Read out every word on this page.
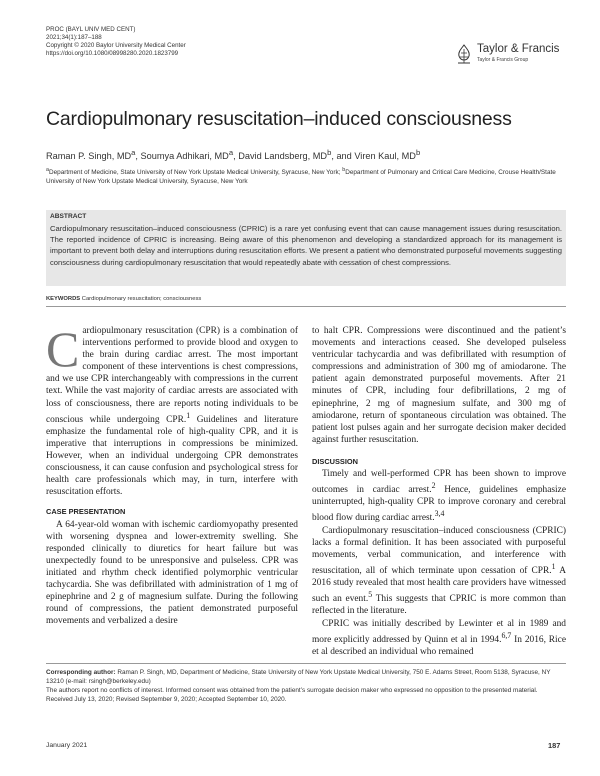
PROC (BAYL UNIV MED CENT)
2021;34(1):187–188
Copyright © 2020 Baylor University Medical Center
https://doi.org/10.1080/08998280.2020.1823799	Taylor & Francis
Taylor & Francis Group
Cardiopulmonary resuscitation–induced consciousness
Raman P. Singh, $MD^a$, Soumya Adhikari, $MD^a$, David Landsberg, $MD^b$, and Viren Kaul, $MD^b$
$^a$Department of Medicine, State University of New York Upstate Medical University, Syracuse, New York; $^b$Department of Pulmonary and Critical Care Medicine, Crouse Health/State University of New York Upstate Medical University, Syracuse, New York
ABSTRACT
Cardiopulmonary resuscitation–induced consciousness (CPRIC) is a rare yet confusing event that can cause management issues during resuscitation. The reported incidence of CPRIC is increasing. Being aware of this phenomenon and developing a standardized approach for its management is important to prevent both delay and interruptions during resuscitation efforts. We present a patient who demonstrated purposeful movements suggesting consciousness during cardiopulmonary resuscitation that would repeatedly abate with cessation of chest compressions.
KEYWORDS Cardiopulmonary resuscitation; consciousness

Cardiopulmonary resuscitation (CPR) is a combination of interventions performed to provide blood and oxygen to the brain during cardiac arrest. The most important component of these interventions is chest compressions, and we use CPR interchangeably with compressions in the current text. While the vast majority of cardiac arrests are associated with loss of consciousness, there are reports noting individuals to be conscious while undergoing CPR.$^1$ Guidelines and literature emphasize the fundamental role of high-quality CPR, and it is imperative that interruptions in compressions be minimized. However, when an individual undergoing CPR demonstrates consciousness, it can cause confusion and psychological stress for health care professionals which may, in turn, interfere with resuscitation efforts.

CASE PRESENTATION

A 64-year-old woman with ischemic cardiomyopathy presented with worsening dyspnea and lower-extremity swelling. She responded clinically to diuretics for heart failure but was unexpectedly found to be unresponsive and pulseless. CPR was initiated and rhythm check identified polymorphic ventricular tachycardia. She was defibrillated with administration of 1 mg of epinephrine and 2 g of magnesium sulfate. During the following round of compressions, the patient demonstrated purposeful movements and verbalized a desire

to halt CPR. Compressions were discontinued and the patient’s movements and interactions ceased. She developed pulseless ventricular tachycardia and was defibrillated with resumption of compressions and administration of 300 mg of amiodarone. The patient again demonstrated purposeful movements. After 21 minutes of CPR, including four defibrillations, 2 mg of epinephrine, 2 mg of magnesium sulfate, and 300 mg of amiodarone, return of spontaneous circulation was obtained. The patient lost pulses again and her surrogate decision maker decided against further resuscitation.

DISCUSSION

Timely and well-performed CPR has been shown to improve outcomes in cardiac arrest.$^2$ Hence, guidelines emphasize uninterrupted, high-quality CPR to improve coronary and cerebral blood flow during cardiac arrest.$^{3,4}$

Cardiopulmonary resuscitation–induced consciousness (CPRIC) lacks a formal definition. It has been associated with purposeful movements, verbal communication, and interference with resuscitation, all of which terminate upon cessation of CPR.$^1$ A 2016 study revealed that most health care providers have witnessed such an event.$^5$ This suggests that CPRIC is more common than reflected in the literature.

CPRIC was initially described by Lewinter et al in 1989 and more explicitly addressed by Quinn et al in 1994.$^{6,7}$ In 2016, Rice et al described an individual who remained

Corresponding author: Raman P. Singh, MD, Department of Medicine, State University of New York Upstate Medical University, 750 E. Adams Street, Room 5138, Syracuse, NY 13210 (e-mail: rsingh@berkeley.edu)
The authors report no conflicts of interest. Informed consent was obtained from the patient’s surrogate decision maker who expressed no opposition to the presented material.
Received July 13, 2020; Revised September 9, 2020; Accepted September 10, 2020.
January 2021	187
